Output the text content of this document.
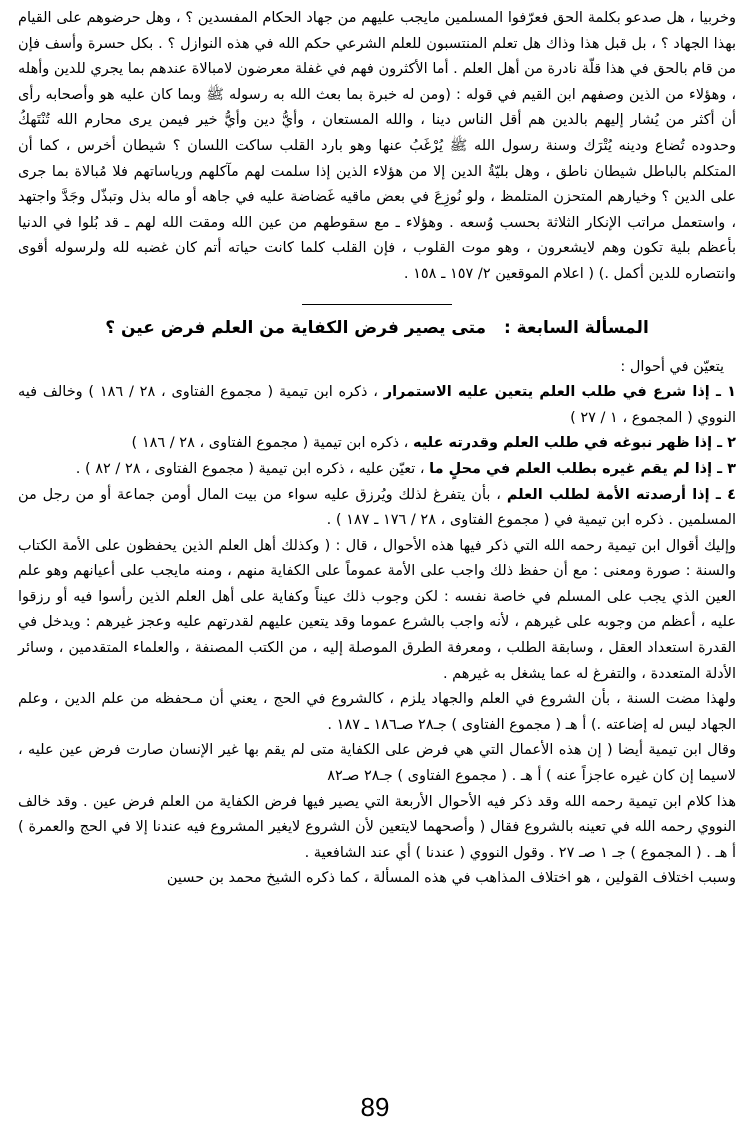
وخربيا ، هل صدعو بكلمة الحق فعرّفوا المسلمين مايجب عليهم من جهاد الحكام المفسدين ؟ ، وهل حرضوهم على القيام بهذا الجهاد ؟ ، بل قبل هذا وذاك هل تعلم المنتسبون للعلم الشرعي حكم الله في هذه النوازل ؟ . بكل حسرة وأسف فإن من قام بالحق في هذا قلّة نادرة من أهل العلم . أما الأكثرون فهم في غفلة معرضون لامبالاة عندهم بما يجري للدين وأهله ، وهؤلاء من الذين وصفهم ابن القيم في قوله : (ومن له خبرة بما بعث الله به رسوله ﷺ وبما كان عليه هو وأصحابه رأى أن أكثر من يُشار إليهم بالدين هم أقل الناس دينا ، والله المستعان ، وأيُّ دين وأيُّ خير فيمن يرى محارم الله تُنْتَهكُ وحدوده تُضاع ودينه يُتْرَك وسنة رسول الله ﷺ يُرْغَبُ عنها وهو بارد القلب ساكت اللسان ؟ شيطان أخرس ، كما أن المتكلم بالباطل شيطان ناطق ، وهل بليّةُ الدين إلا من هؤلاء الذين إذا سلمت لهم مآكلهم ورياساتهم فلا مُبالاة بما جرى على الدين ؟ وخيارهم المتحزن المتلمظ ، ولو نُوزِعَ في بعض ماقيه غَضاضة عليه في جاهه أو ماله بذل وتبذّل وجَدَّ واجتهد ، واستعمل مراتب الإنكار الثلاثة بحسب وُسعه . وهؤلاء ـ مع سقوطهم من عين الله ومقت الله لهم ـ قد بُلوا في الدنيا بأعظم بلية تكون وهم لايشعرون ، وهو موت القلوب ، فإن القلب كلما كانت حياته أتم كان غضبه لله ولرسوله أقوى وانتصاره للدين أكمل .) ( اعلام الموقعين ٢/ ١٥٧ ـ ١٥٨ .

المسألة السابعة : متى يصير فرض الكفاية من العلم فرض عين ؟

يتعيّن في أحوال :

١ ـ إذا شرع في طلب العلم يتعين عليه الاستمرار ، ذكره ابن تيمية ( مجموع الفتاوى ، ٢٨ / ١٨٦ ) وخالف فيه النووي ( المجموع ، ١ / ٢٧ )

٢ ـ إذا ظهر نبوغه في طلب العلم وقدرته عليه ، ذكره ابن تيمية ( مجموع الفتاوى ، ٢٨ / ١٨٦ )

٣ ـ إذا لم يقم غيره بطلب العلم في محلٍ ما ، تعيّن عليه ، ذكره ابن تيمية ( مجموع الفتاوى ، ٢٨ / ٨٢ ) .

٤ ـ إذا أرصدته الأمة لطلب العلم ، بأن يتفرغ لذلك ويُرزق عليه سواء من بيت المال أومن جماعة أو من رجل من المسلمين . ذكره ابن تيمية في ( مجموع الفتاوى ، ٢٨ / ١٧٦ ـ ١٨٧ ) .

وإليك أقوال ابن تيمية رحمه الله التي ذكر فيها هذه الأحوال ، قال : ( وكذلك أهل العلم الذين يحفظون على الأمة الكتاب والسنة : صورة ومعنى : مع أن حفظ ذلك واجب على الأمة عموماً على الكفاية منهم ، ومنه مايجب على أعيانهم وهو علم العين الذي يجب على المسلم في خاصة نفسه : لكن وجوب ذلك عيناً وكفاية على أهل العلم الذين رأسوا فيه أو رزقوا عليه ، أعظم من وجوبه على غيرهم ، لأنه واجب بالشرع عموما وقد يتعين عليهم لقدرتهم عليه وعجز غيرهم : ويدخل في القدرة استعداد العقل ، وسابقة الطلب ، ومعرفة الطرق الموصلة إليه ، من الكتب المصنفة ، والعلماء المتقدمين ، وسائر الأدلة المتعددة ، والتفرغ له عما يشغل به غيرهم .

ولهذا مضت السنة ، بأن الشروع في العلم والجهاد يلزم ، كالشروع في الحج ، يعني أن مـحفظه من علم الدين ، وعلم الجهاد ليس له إضاعته .) أ هـ ( مجموع الفتاوى ) جـ٢٨ صـ١٨٦ ـ ١٨٧ .

وقال ابن تيمية أيضا ( إن هذه الأعمال التي هي فرض على الكفاية متى لم يقم بها غير الإنسان صارت فرض عين عليه ، لاسيما إن كان غيره عاجزاً عنه ) أ هـ . ( مجموع الفتاوى ) جـ٢٨ صـ٨٢

هذا كلام ابن تيمية رحمه الله وقد ذكر فيه الأحوال الأربعة التي يصير فيها فرض الكفاية من العلم فرض عين . وقد خالف النووي رحمه الله في تعينه بالشروع فقال ( وأصحهما لايتعين لأن الشروع لايغير المشروع فيه عندنا إلا في الحج والعمرة ) أ هـ . ( المجموع ) جـ ١ صـ ٢٧ . وقول النووي ( عندنا ) أي عند الشافعية .

وسبب اختلاف القولين ، هو اختلاف المذاهب في هذه المسألة ، كما ذكره الشيخ محمد بن حسين

89
